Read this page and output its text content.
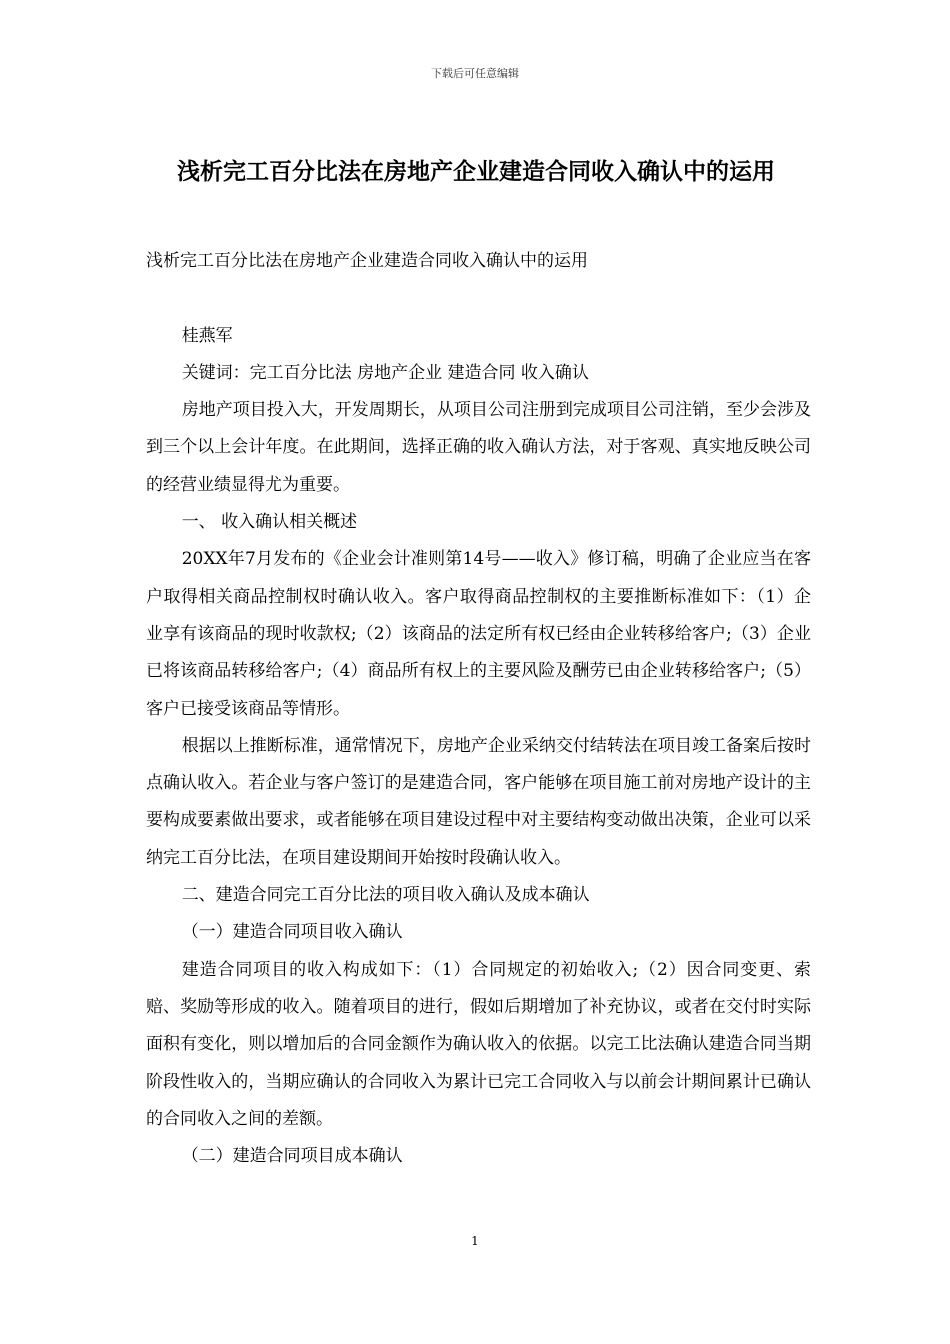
下载后可任意编辑
浅析完工百分比法在房地产企业建造合同收入确认中的运用

浅析完工百分比法在房地产企业建造合同收入确认中的运用

桂燕军

关键词：完工百分比法 房地产企业 建造合同 收入确认

房地产项目投入大，开发周期长，从项目公司注册到完成项目公司注销，至少会涉及到三个以上会计年度。在此期间，选择正确的收入确认方法，对于客观、真实地反映公司的经营业绩显得尤为重要。

一、 收入确认相关概述

20XX年7月发布的《企业会计准则第14号——收入》修订稿，明确了企业应当在客户取得相关商品控制权时确认收入。客户取得商品控制权的主要推断标准如下：（1）企业享有该商品的现时收款权;（2）该商品的法定所有权已经由企业转移给客户;（3）企业已将该商品转移给客户;（4）商品所有权上的主要风险及酬劳已由企业转移给客户;（5）客户已接受该商品等情形。

根据以上推断标准，通常情况下，房地产企业采纳交付结转法在项目竣工备案后按时点确认收入。若企业与客户签订的是建造合同，客户能够在项目施工前对房地产设计的主要构成要素做出要求，或者能够在项目建设过程中对主要结构变动做出决策，企业可以采纳完工百分比法，在项目建设期间开始按时段确认收入。

二、建造合同完工百分比法的项目收入确认及成本确认

（一）建造合同项目收入确认

建造合同项目的收入构成如下：（1）合同规定的初始收入;（2）因合同变更、索赔、奖励等形成的收入。随着项目的进行，假如后期增加了补充协议，或者在交付时实际面积有变化，则以增加后的合同金额作为确认收入的依据。以完工比法确认建造合同当期阶段性收入的，当期应确认的合同收入为累计已完工合同收入与以前会计期间累计已确认的合同收入之间的差额。

（二）建造合同项目成本确认

1
